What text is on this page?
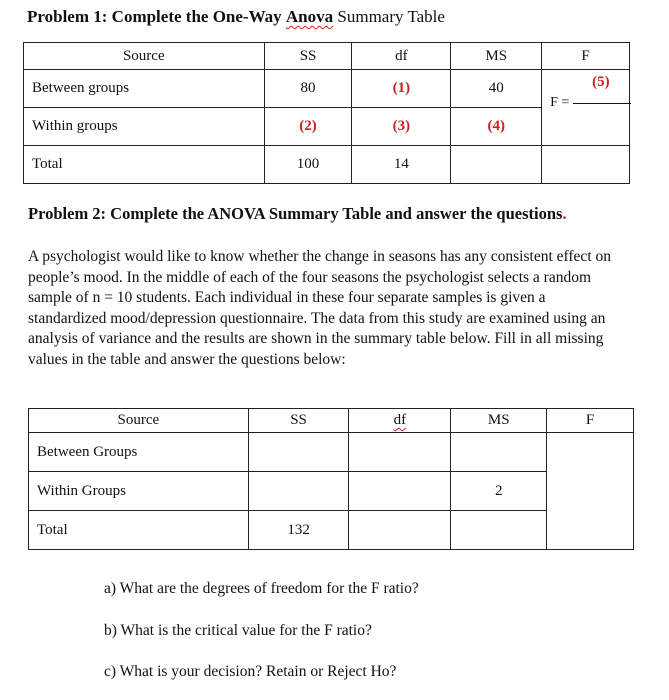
Problem 1: Complete the One-Way Anova Summary Table
Source	SS	df	MS	F
Between groups	80	(1)	40	(5)
F =

Within groups	(2)	(3)	(4)	
Total	100	14		
Problem 2: Complete the ANOVA Summary Table and answer the questions.
A psychologist would like to know whether the change in seasons has any consistent effect on people’s mood. In the middle of each of the four seasons the psychologist selects a random sample of n = 10 students. Each individual in these four separate samples is given a standardized mood/depression questionnaire. The data from this study are examined using an analysis of variance and the results are shown in the summary table below. Fill in all missing values in the table and answer the questions below:
Source	SS	df	MS	F
Between Groups				
Within Groups			2	
Total	132			
a) What are the degrees of freedom for the F ratio?
b) What is the critical value for the F ratio?
c) What is your decision? Retain or Reject Ho?
